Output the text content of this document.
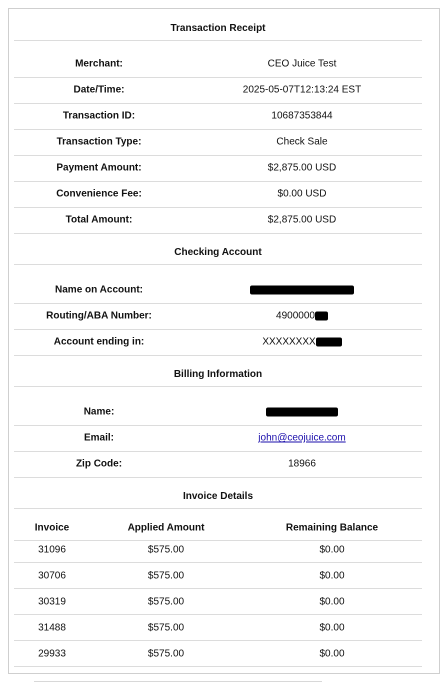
Transaction Receipt
Merchant:	CEO Juice Test
Date/Time:	2025-05-07T12:13:24 EST
Transaction ID:	10687353844
Transaction Type:	Check Sale
Payment Amount:	$2,875.00 USD
Convenience Fee:	$0.00 USD
Total Amount:	$2,875.00 USD
Checking Account
Name on Account:
Routing/ABA Number:	4900000
Account ending in:	XXXXXXXX
Billing Information
Name:
Email:	john@ceojuice.com
Zip Code:	18966
Invoice Details
Invoice	Applied Amount	Remaining Balance
31096	$575.00	$0.00
30706	$575.00	$0.00
30319	$575.00	$0.00
31488	$575.00	$0.00
29933	$575.00	$0.00
